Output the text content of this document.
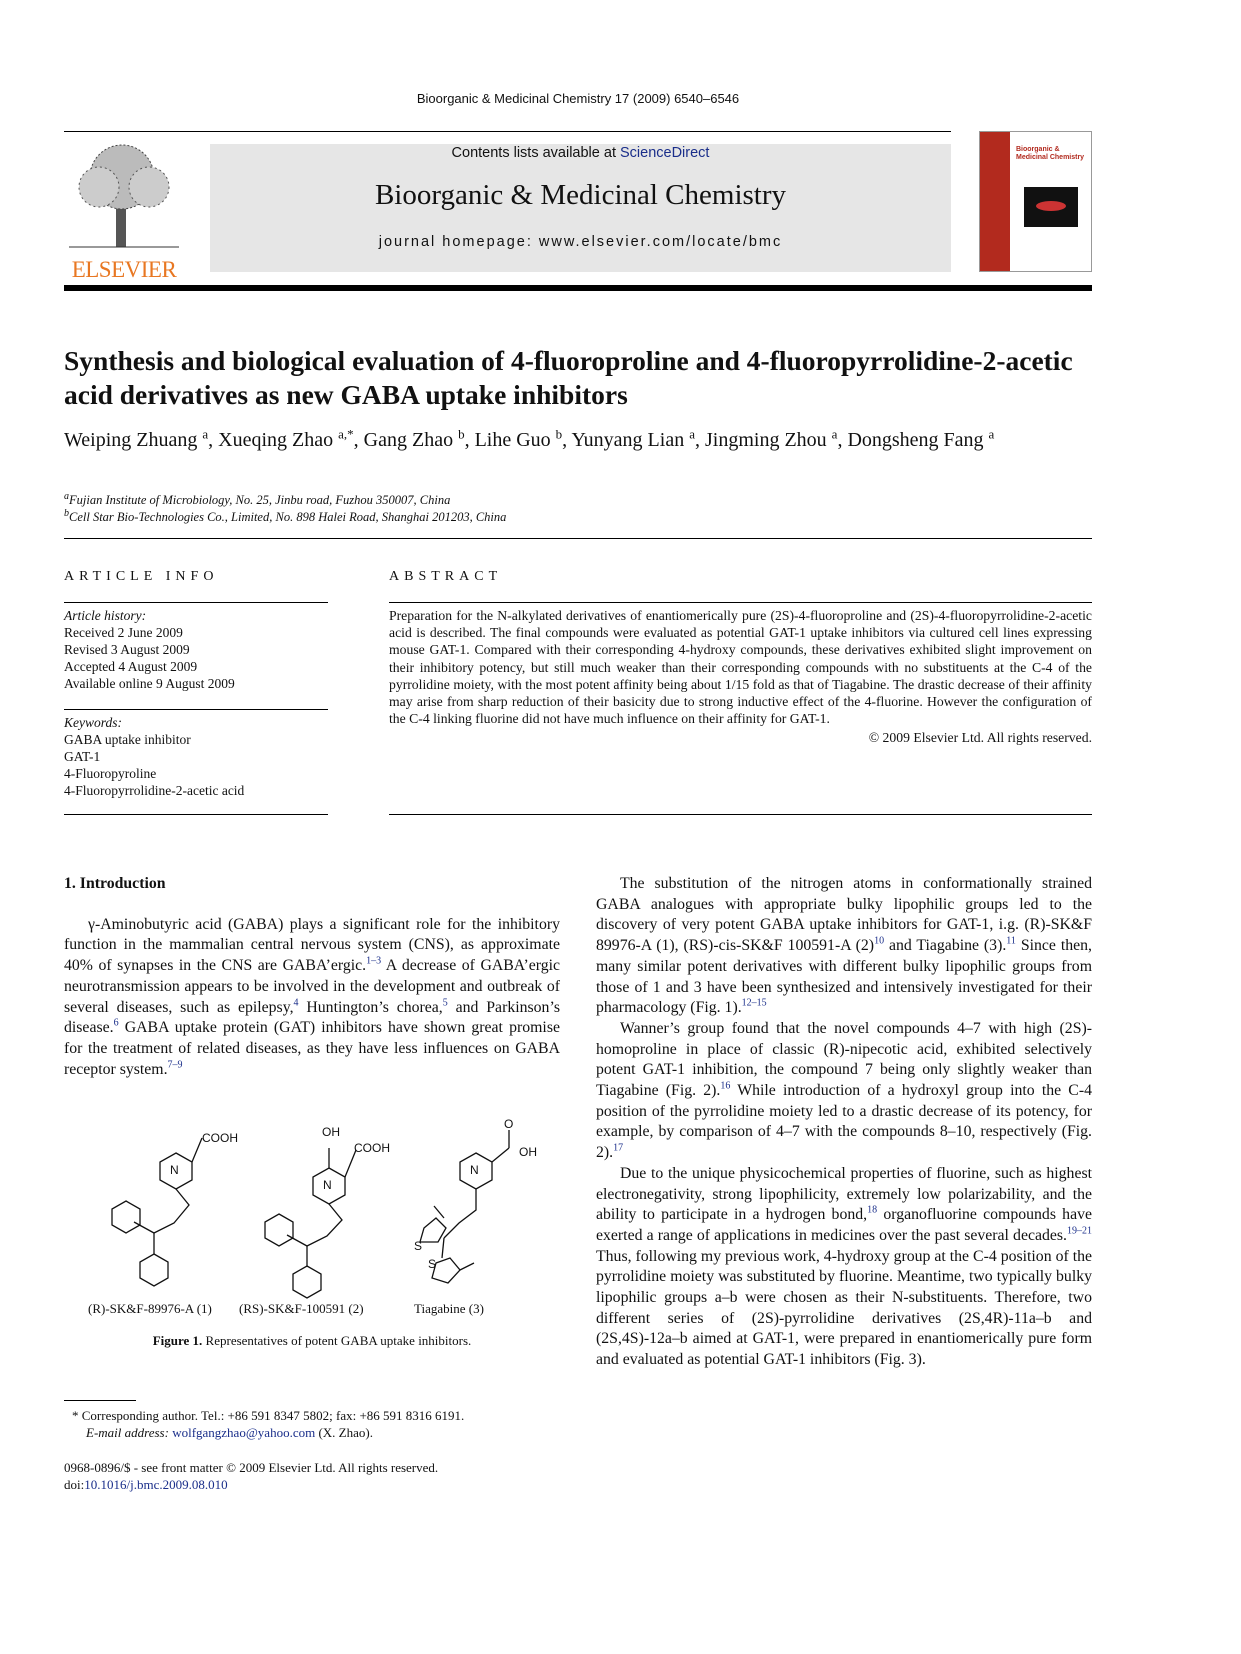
Bioorganic & Medicinal Chemistry 17 (2009) 6540–6546
ELSEVIER
Contents lists available at ScienceDirect
Bioorganic & Medicinal Chemistry
journal homepage: www.elsevier.com/locate/bmc
Bioorganic & Medicinal Chemistry
Synthesis and biological evaluation of 4-fluoroproline and 4-fluoropyrrolidine-2-acetic acid derivatives as new GABA uptake inhibitors
Weiping Zhuang $^a$, Xueqing Zhao $^{a,*}$, Gang Zhao $^b$, Lihe Guo $^b$, Yunyang Lian $^a$, Jingming Zhou $^a$, Dongsheng Fang $^a$
$^a$Fujian Institute of Microbiology, No. 25, Jinbu road, Fuzhou 350007, China
$^b$Cell Star Bio-Technologies Co., Limited, No. 898 Halei Road, Shanghai 201203, China
ARTICLE INFO	ABSTRACT
Article history:
Received 2 June 2009
Revised 3 August 2009
Accepted 4 August 2009
Available online 9 August 2009
Keywords:
GABA uptake inhibitor
GAT-1
4-Fluoropyroline
4-Fluoropyrrolidine-2-acetic acid
Preparation for the N-alkylated derivatives of enantiomerically pure (2S)-4-fluoroproline and (2S)-4-fluoropyrrolidine-2-acetic acid is described. The final compounds were evaluated as potential GAT-1 uptake inhibitors via cultured cell lines expressing mouse GAT-1. Compared with their corresponding 4-hydroxy compounds, these derivatives exhibited slight improvement on their inhibitory potency, but still much weaker than their corresponding compounds with no substituents at the C-4 of the pyrrolidine moiety, with the most potent affinity being about 1/15 fold as that of Tiagabine. The drastic decrease of their affinity may arise from sharp reduction of their basicity due to strong inductive effect of the 4-fluorine. However the configuration of the C-4 linking fluorine did not have much influence on their affinity for GAT-1.
© 2009 Elsevier Ltd. All rights reserved.
1. Introduction

γ-Aminobutyric acid (GABA) plays a significant role for the inhibitory function in the mammalian central nervous system (CNS), as approximate 40% of synapses in the CNS are GABA’ergic.$^{1-3}$ A decrease of GABA’ergic neurotransmission appears to be involved in the development and outbreak of several diseases, such as epilepsy,$^4$ Huntington’s chorea,$^5$ and Parkinson’s disease.$^6$ GABA uptake protein (GAT) inhibitors have shown great promise for the treatment of related diseases, as they have less influences on GABA receptor system.$^{7-9}$

N
COOH
N
OH
COOH
N
O
OH
S
S
(R)-SK&F-89976-A (1) (RS)-SK&F-100591 (2)	Tiagabine (3)
Figure 1. Representatives of potent GABA uptake inhibitors.
* Corresponding author. Tel.: +86 591 8347 5802; fax: +86 591 8316 6191.
E-mail address: wolfgangzhao@yahoo.com (X. Zhao).
0968-0896/$ - see front matter © 2009 Elsevier Ltd. All rights reserved.
doi:10.1016/j.bmc.2009.08.010

The substitution of the nitrogen atoms in conformationally strained GABA analogues with appropriate bulky lipophilic groups led to the discovery of very potent GABA uptake inhibitors for GAT-1, i.g. (R)-SK&F 89976-A (1), (RS)-cis-SK&F 100591-A $(2)^{10}$ and Tiagabine (3).$^{11}$ Since then, many similar potent derivatives with different bulky lipophilic groups from those of 1 and 3 have been synthesized and intensively investigated for their pharmacology (Fig. 1).$^{12-15}$

Wanner’s group found that the novel compounds 4–7 with high (2S)-homoproline in place of classic (R)-nipecotic acid, exhibited selectively potent GAT-1 inhibition, the compound 7 being only slightly weaker than Tiagabine (Fig. 2).$^{16}$ While introduction of a hydroxyl group into the C-4 position of the pyrrolidine moiety led to a drastic decrease of its potency, for example, by comparison of 4–7 with the compounds 8–10, respectively (Fig. 2).$^{17}$

Due to the unique physicochemical properties of fluorine, such as highest electronegativity, strong lipophilicity, extremely low polarizability, and the ability to participate in a hydrogen bond,$^{18}$ organofluorine compounds have exerted a range of applications in medicines over the past several decades.$^{19-21}$ Thus, following my previous work, 4-hydroxy group at the C-4 position of the pyrrolidine moiety was substituted by fluorine. Meantime, two typically bulky lipophilic groups a–b were chosen as their N-substituents. Therefore, two different series of (2S)-pyrrolidine derivatives (2S,4R)-11a–b and (2S,4S)-12a–b aimed at GAT-1, were prepared in enantiomerically pure form and evaluated as potential GAT-1 inhibitors (Fig. 3).
